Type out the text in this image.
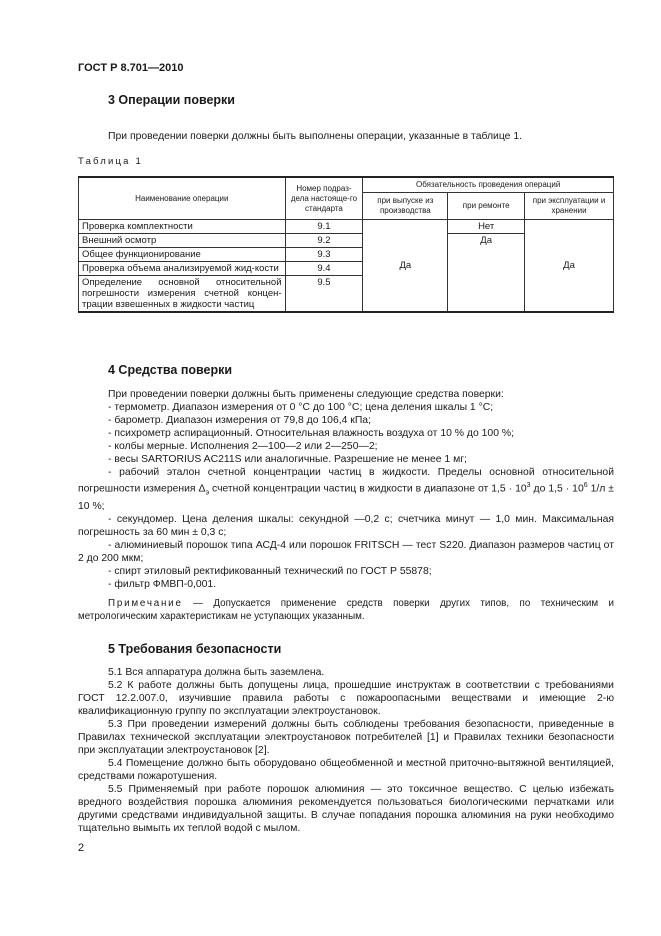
ГОСТ Р 8.701—2010
3 Операции поверки
При проведении поверки должны быть выполнены операции, указанные в таблице 1.
Таблица 1
Наименование операции	Номер подраз-дела настояще-го стандарта	Обязательность проведения операций		
		при выпуске из производства	при ремонте	при эксплуатации и хранении
Проверка комплектности	9.1	Да	Нет	Да
Внешний осмотр	9.2		Да	
Общее функционирование	9.3			
Проверка объема анализируемой жид-кости	9.4			
Определение основной относительной погрешности измерения счетной концен-трации взвешенных в жидкости частиц	9.5			
4 Средства поверки
При проведении поверки должны быть применены следующие средства поверки:
- термометр. Диапазон измерения от 0 °С до 100 °С; цена деления шкалы 1 °С;
- барометр. Диапазон измерения от 79,8 до 106,4 кПа;
- психрометр аспирационный. Относительная влажность воздуха от 10 % до 100 %;
- колбы мерные. Исполнения 2—100—2 или 2—250—2;
- весы SARTORIUS AC211S или аналогичные. Разрешение не менее 1 мг;
- рабочий эталон счетной концентрации частиц в жидкости. Пределы основной относительной погрешности измерения $\Delta_э$ счетной концентрации частиц в жидкости в диапазоне от $1,5 \cdot 10^3$ до $1,5 \cdot 10^6$ 1/л ± 10 %;
- секундомер. Цена деления шкалы: секундной —0,2 с; счетчика минут — 1,0 мин. Максимальная погрешность за 60 мин ± 0,3 с;
- алюминиевый порошок типа АСД-4 или порошок FRITSCH — тест S220. Диапазон размеров частиц от 2 до 200 мкм;
- спирт этиловый ректификованный технический по ГОСТ Р 55878;
- фильтр ФМВП-0,001.
Примечание — Допускается применение средств поверки других типов, по техническим и метрологическим характеристикам не уступающих указанным.
5 Требования безопасности
5.1 Вся аппаратура должна быть заземлена.
5.2 К работе должны быть допущены лица, прошедшие инструктаж в соответствии с требованиями ГОСТ 12.2.007.0, изучившие правила работы с пожароопасными веществами и имеющие 2-ю квалификационную группу по эксплуатации электроустановок.
5.3 При проведении измерений должны быть соблюдены требования безопасности, приведенные в Правилах технической эксплуатации электроустановок потребителей [1] и Правилах техники безопасности при эксплуатации электроустановок [2].
5.4 Помещение должно быть оборудовано общеобменной и местной приточно-вытяжной вентиляцией, средствами пожаротушения.
5.5 Применяемый при работе порошок алюминия — это токсичное вещество. С целью избежать вредного воздействия порошка алюминия рекомендуется пользоваться биологическими перчатками или другими средствами индивидуальной защиты. В случае попадания порошка алюминия на руки необходимо тщательно вымыть их теплой водой с мылом.
2
